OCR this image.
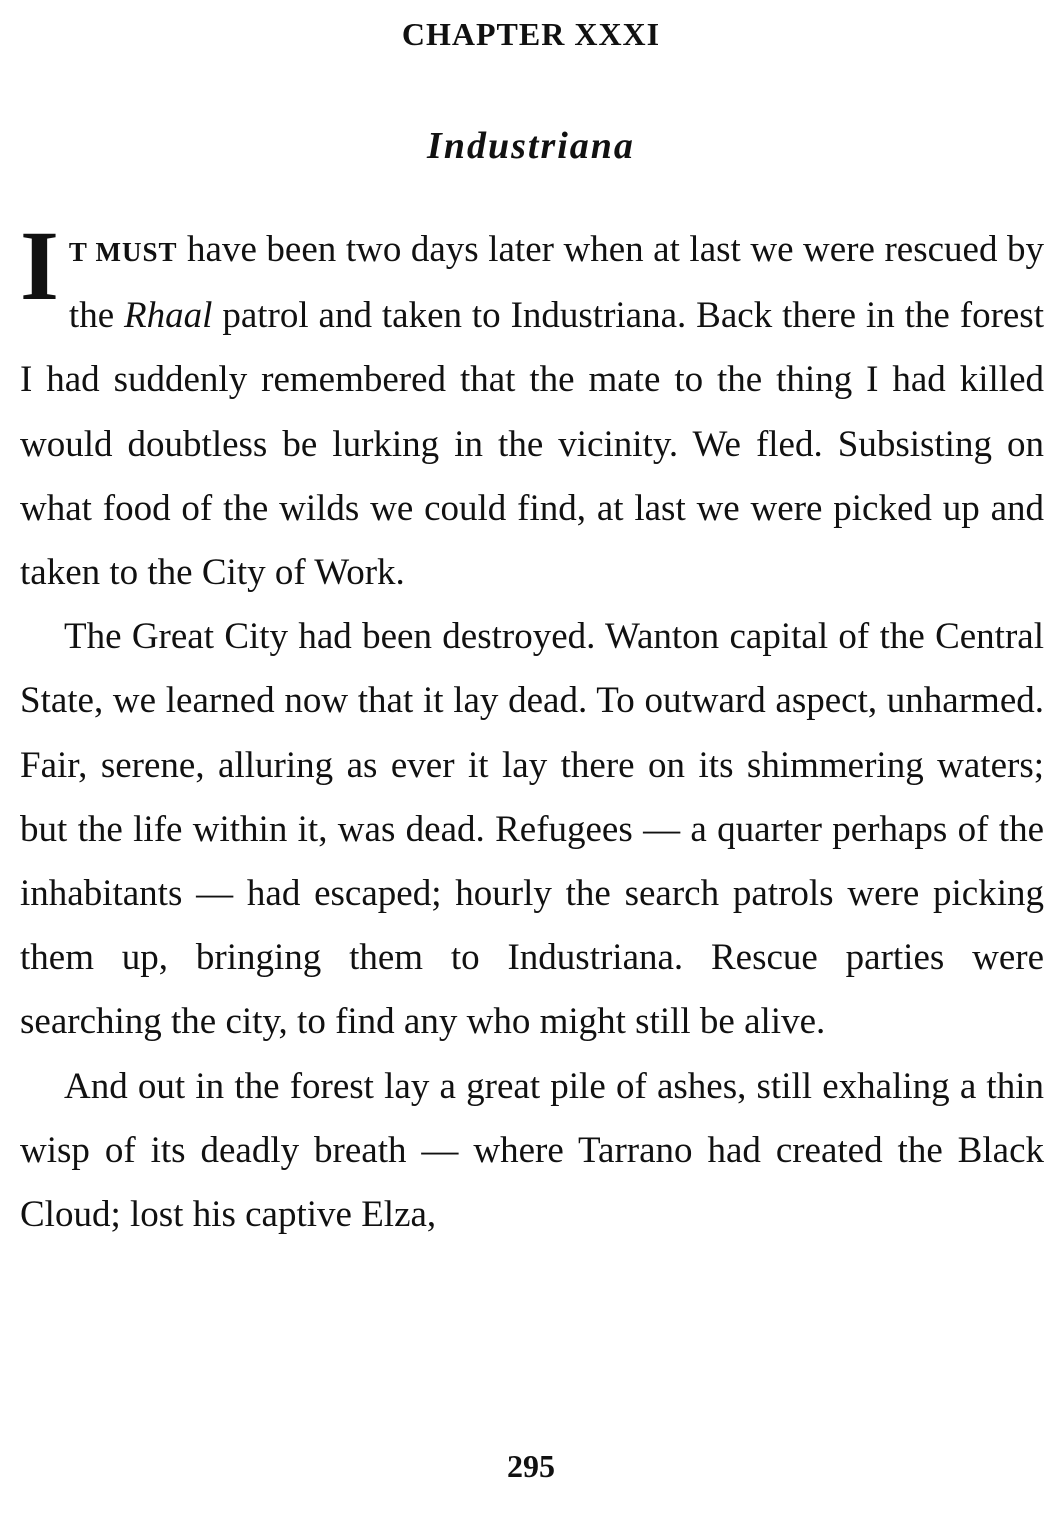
CHAPTER XXXI
Industriana

I T MUST have been two days later when at last we were rescued by the Rhaal patrol and taken to Industriana. Back there in the forest I had suddenly remembered that the mate to the thing I had killed would doubtless be lurking in the vicinity. We fled. Subsisting on what food of the wilds we could find, at last we were picked up and taken to the City of Work.

The Great City had been destroyed. Wanton capital of the Central State, we learned now that it lay dead. To outward aspect, unharmed. Fair, serene, alluring as ever it lay there on its shimmering waters; but the life within it, was dead. Refugees — a quarter perhaps of the inhabitants — had escaped; hourly the search patrols were picking them up, bringing them to Industriana. Rescue parties were searching the city, to find any who might still be alive.

And out in the forest lay a great pile of ashes, still exhaling a thin wisp of its deadly breath — where Tarrano had created the Black Cloud; lost his captive Elza,

295
